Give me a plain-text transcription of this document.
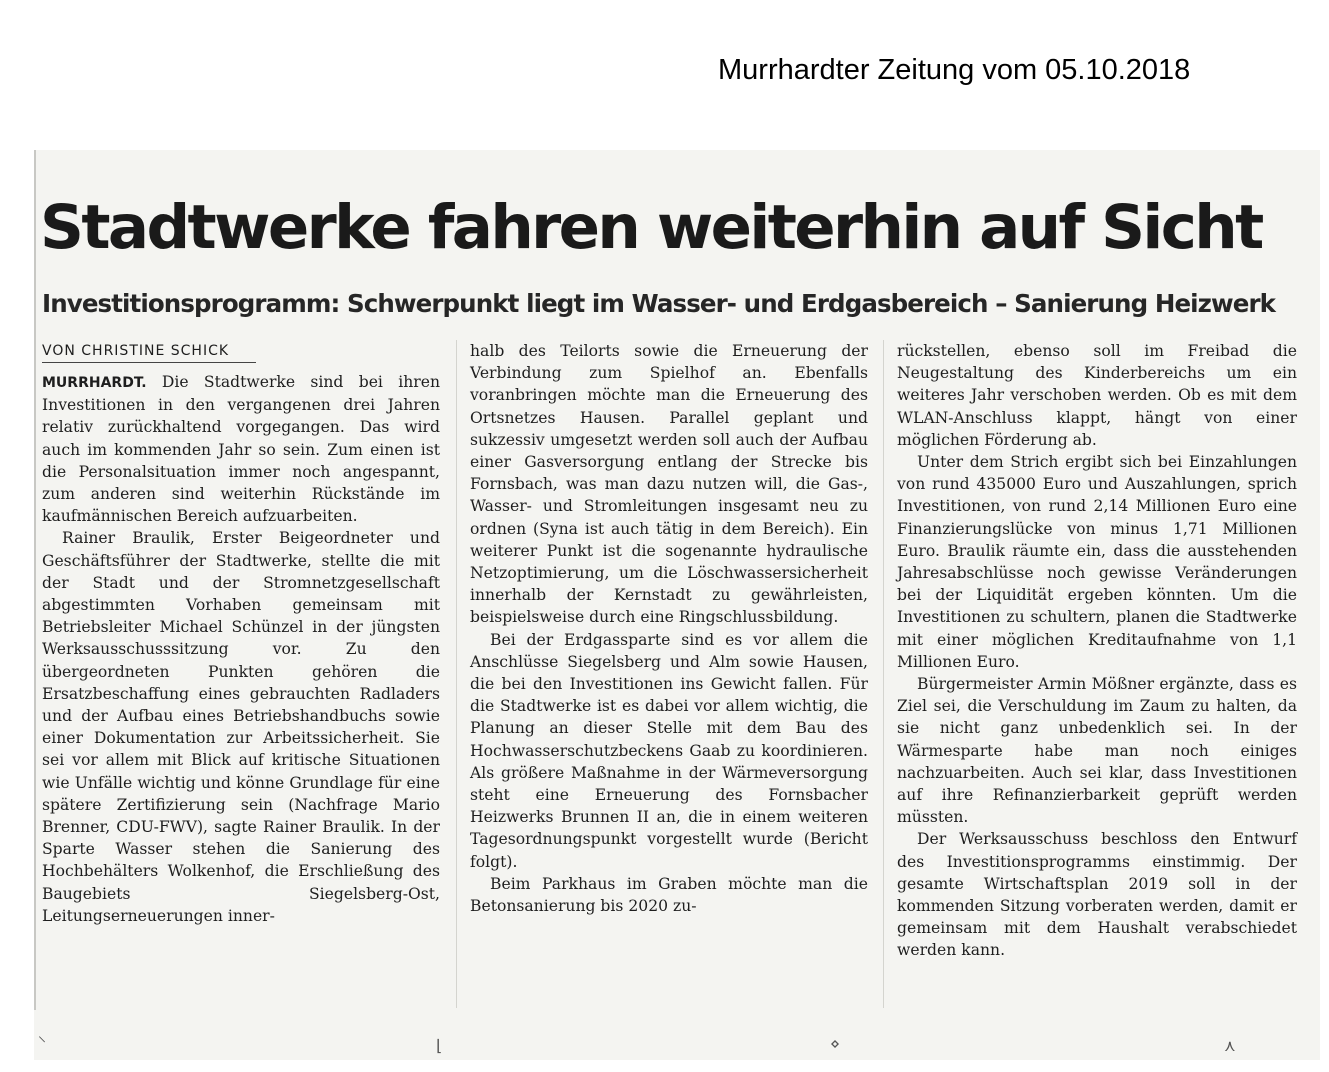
Murrhardter Zeitung vom 05.10.2018
Stadtwerke fahren weiterhin auf Sicht
Investitionsprogramm: Schwerpunkt liegt im Wasser- und Erdgasbereich – Sanierung Heizwerk
VON CHRISTINE SCHICK

MURRHARDT. Die Stadtwerke sind bei ihren Investitionen in den vergangenen drei Jahren relativ zurückhaltend vorgegangen. Das wird auch im kommenden Jahr so sein. Zum einen ist die Personalsituation immer noch angespannt, zum anderen sind weiterhin Rückstände im kaufmännischen Bereich aufzuarbeiten.

Rainer Braulik, Erster Beigeordneter und Geschäftsführer der Stadtwerke, stellte die mit der Stadt und der Stromnetzgesellschaft abgestimmten Vorhaben gemeinsam mit Betriebsleiter Michael Schünzel in der jüngsten Werksausschusssitzung vor. Zu den übergeordneten Punkten gehören die Ersatzbeschaffung eines gebrauchten Radladers und der Aufbau eines Betriebshandbuchs sowie einer Dokumentation zur Arbeitssicherheit. Sie sei vor allem mit Blick auf kritische Situationen wie Unfälle wichtig und könne Grundlage für eine spätere Zertifizierung sein (Nachfrage Mario Brenner, CDU-FWV), sagte Rainer Braulik. In der Sparte Wasser stehen die Sanierung des Hochbehälters Wolkenhof, die Erschließung des Baugebiets Siegelsberg-Ost, Leitungserneuerungen inner-

halb des Teilorts sowie die Erneuerung der Verbindung zum Spielhof an. Ebenfalls voranbringen möchte man die Erneuerung des Ortsnetzes Hausen. Parallel geplant und sukzessiv umgesetzt werden soll auch der Aufbau einer Gasversorgung entlang der Strecke bis Fornsbach, was man dazu nutzen will, die Gas-, Wasser- und Stromleitungen insgesamt neu zu ordnen (Syna ist auch tätig in dem Bereich). Ein weiterer Punkt ist die sogenannte hydraulische Netzoptimierung, um die Löschwassersicherheit innerhalb der Kernstadt zu gewährleisten, beispielsweise durch eine Ringschlussbildung.

Bei der Erdgassparte sind es vor allem die Anschlüsse Siegelsberg und Alm sowie Hausen, die bei den Investitionen ins Gewicht fallen. Für die Stadtwerke ist es dabei vor allem wichtig, die Planung an dieser Stelle mit dem Bau des Hochwasserschutzbeckens Gaab zu koordinieren. Als größere Maßnahme in der Wärmeversorgung steht eine Erneuerung des Fornsbacher Heizwerks Brunnen II an, die in einem weiteren Tagesordnungspunkt vorgestellt wurde (Bericht folgt).

Beim Parkhaus im Graben möchte man die Betonsanierung bis 2020 zu-

rückstellen, ebenso soll im Freibad die Neugestaltung des Kinderbereichs um ein weiteres Jahr verschoben werden. Ob es mit dem WLAN-Anschluss klappt, hängt von einer möglichen Förderung ab.

Unter dem Strich ergibt sich bei Einzahlungen von rund 435000 Euro und Auszahlungen, sprich Investitionen, von rund 2,14 Millionen Euro eine Finanzierungslücke von minus 1,71 Millionen Euro. Braulik räumte ein, dass die ausstehenden Jahresabschlüsse noch gewisse Veränderungen bei der Liquidität ergeben könnten. Um die Investitionen zu schultern, planen die Stadtwerke mit einer möglichen Kreditaufnahme von 1,1 Millionen Euro.

Bürgermeister Armin Mößner ergänzte, dass es Ziel sei, die Verschuldung im Zaum zu halten, da sie nicht ganz unbedenklich sei. In der Wärmesparte habe man noch einiges nachzuarbeiten. Auch sei klar, dass Investitionen auf ihre Refinanzierbarkeit geprüft werden müssten.

Der Werksausschuss beschloss den Entwurf des Investitionsprogramms einstimmig. Der gesamte Wirtschaftsplan 2019 soll in der kommenden Sitzung vorberaten werden, damit er gemeinsam mit dem Haushalt verabschiedet werden kann.

⸜
⌊	⋄	⋏
